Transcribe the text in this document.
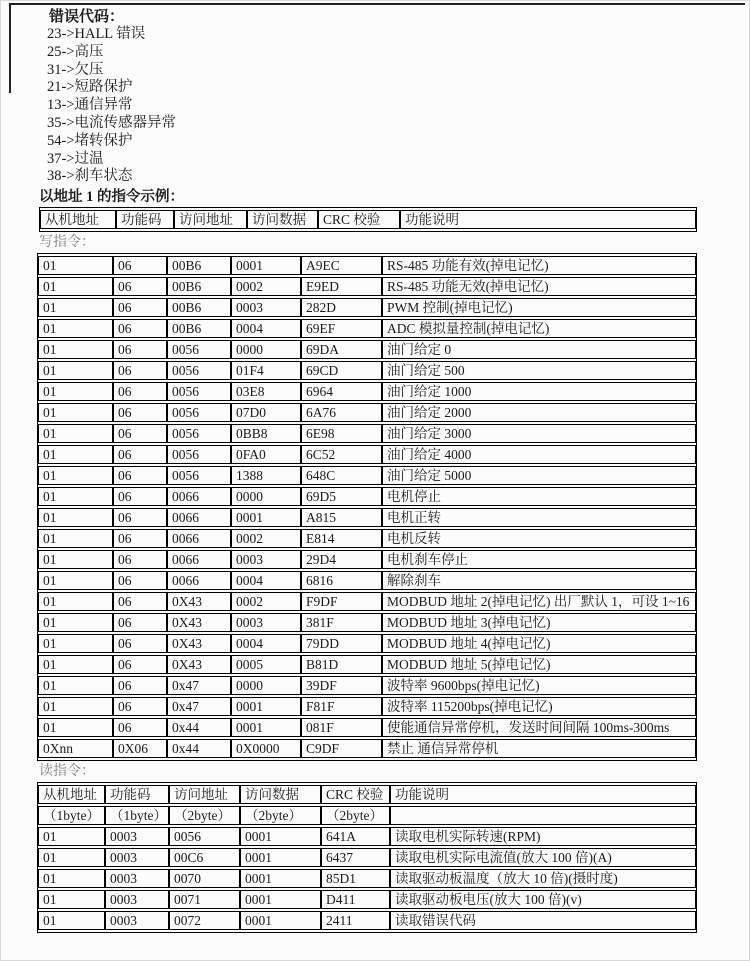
错误代码：
23->HALL 错误
25->高压
31->欠压
21->短路保护
13->通信异常
35->电流传感器异常
54->堵转保护
37->过温
38->刹车状态
以地址 1 的指令示例：
从机地址	功能码	访问地址	访问数据	CRC 校验	功能说明
写指令：
01	06	00B6	0001	A9EC	RS-485 功能有效(掉电记忆)
01	06	00B6	0002	E9ED	RS-485 功能无效(掉电记忆)
01	06	00B6	0003	282D	PWM 控制(掉电记忆)
01	06	00B6	0004	69EF	ADC 模拟量控制(掉电记忆)
01	06	0056	0000	69DA	油门给定 0
01	06	0056	01F4	69CD	油门给定 500
01	06	0056	03E8	6964	油门给定 1000
01	06	0056	07D0	6A76	油门给定 2000
01	06	0056	0BB8	6E98	油门给定 3000
01	06	0056	0FA0	6C52	油门给定 4000
01	06	0056	1388	648C	油门给定 5000
01	06	0066	0000	69D5	电机停止
01	06	0066	0001	A815	电机正转
01	06	0066	0002	E814	电机反转
01	06	0066	0003	29D4	电机刹车停止
01	06	0066	0004	6816	解除刹车
01	06	0X43	0002	F9DF	MODBUD 地址 2(掉电记忆) 出厂默认 1，可设 1~16
01	06	0X43	0003	381F	MODBUD 地址 3(掉电记忆)
01	06	0X43	0004	79DD	MODBUD 地址 4(掉电记忆)
01	06	0X43	0005	B81D	MODBUD 地址 5(掉电记忆)
01	06	0x47	0000	39DF	波特率 9600bps(掉电记忆)
01	06	0x47	0001	F81F	波特率 115200bps(掉电记忆)
01	06	0x44	0001	081F	使能通信异常停机，发送时间间隔 100ms-300ms
0Xnn	0X06	0x44	0X0000	C9DF	禁止 通信异常停机
读指令：
从机地址	功能码	访问地址	访问数据	CRC 校验	功能说明
（1byte）	（1byte）	（2byte）	（2byte）	（2byte）	
01	0003	0056	0001	641A	读取电机实际转速(RPM)
01	0003	00C6	0001	6437	读取电机实际电流值(放大 100 倍)(A)
01	0003	0070	0001	85D1	读取驱动板温度（放大 10 倍)(摄时度)
01	0003	0071	0001	D411	读取驱动板电压(放大 100 倍)(v)
01	0003	0072	0001	2411	读取错误代码
